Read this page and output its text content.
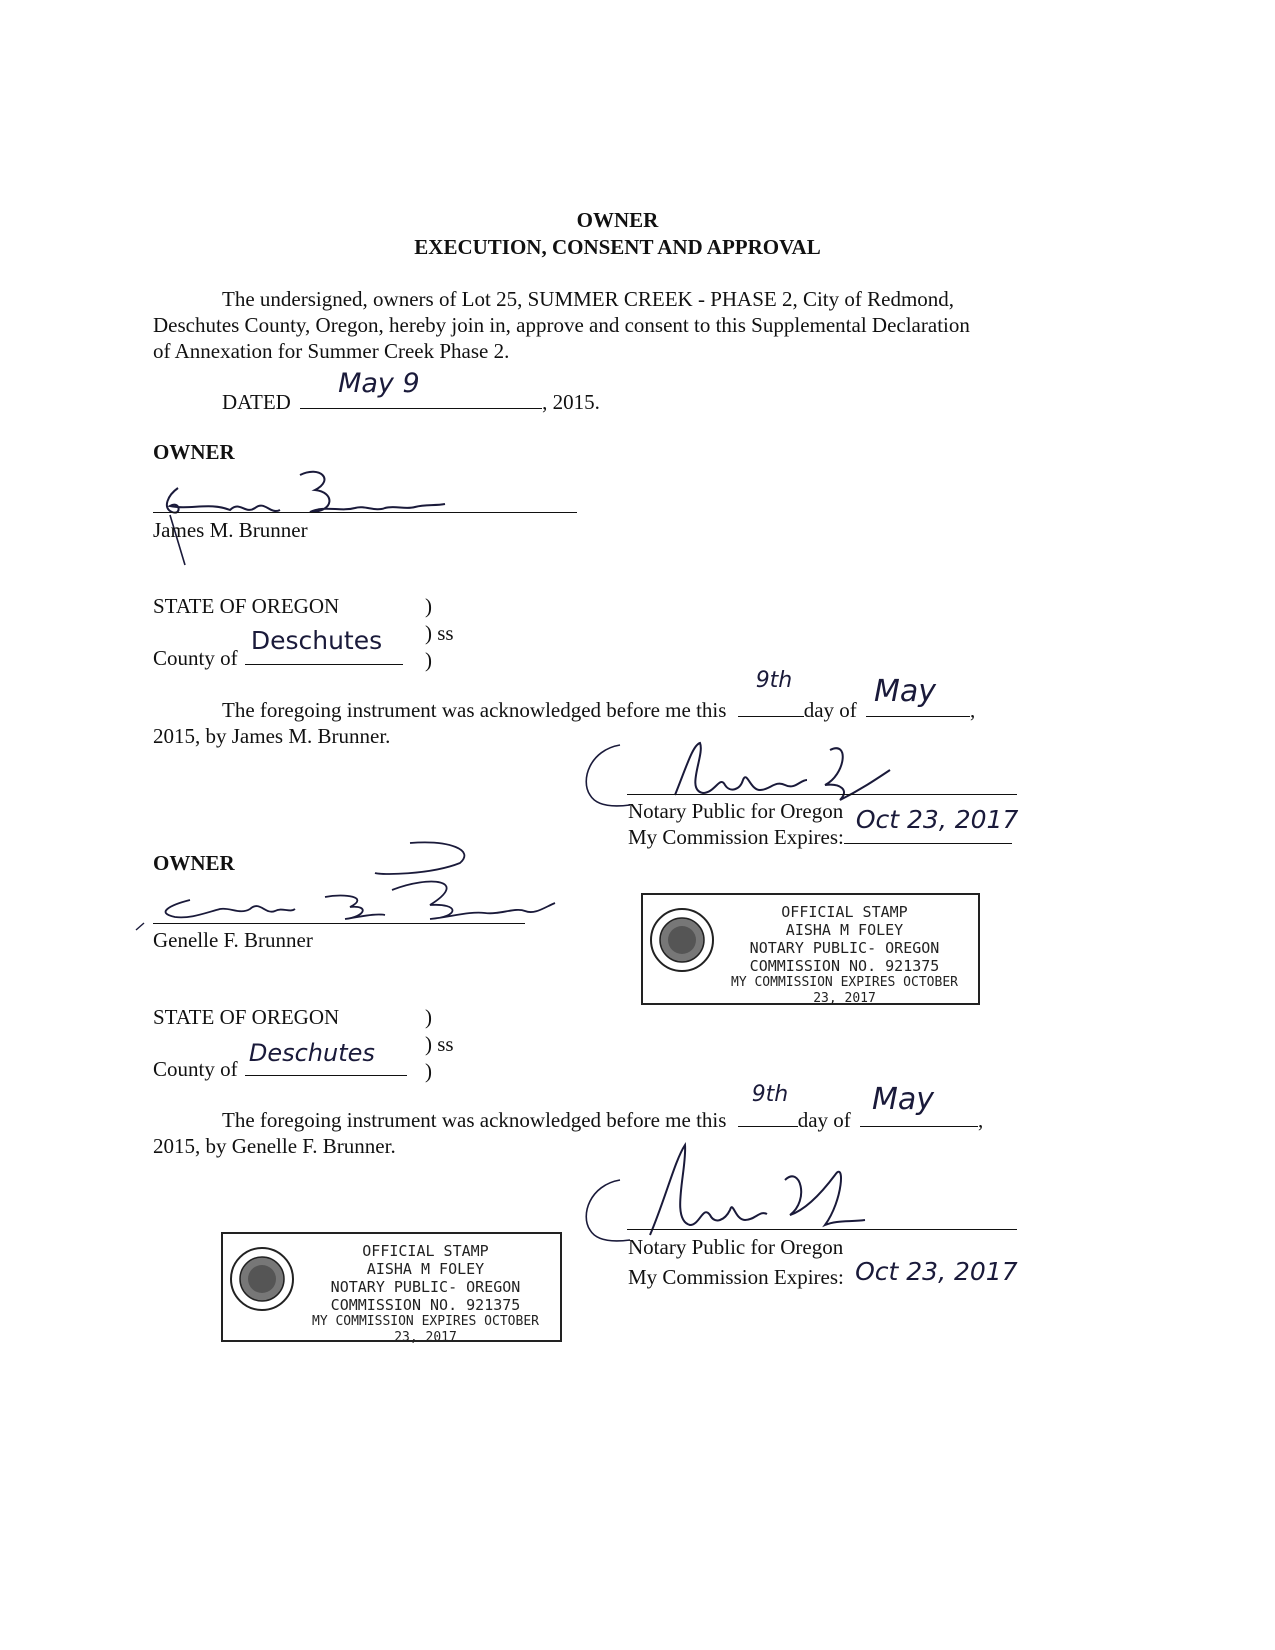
OWNER
EXECUTION, CONSENT AND APPROVAL
The undersigned, owners of Lot 25, SUMMER CREEK - PHASE 2, City of Redmond,
Deschutes County, Oregon, hereby join in, approve and consent to this Supplemental Declaration
of Annexation for Summer Creek Phase 2.
DATED
May 9
, 2015.
OWNER
James M. Brunner
STATE OF OREGON	)
) ss
County of
Deschutes
)
The foregoing instrument was acknowledged before me this
9th
day of
May
,
2015, by James M. Brunner.
Notary Public for Oregon
My Commission Expires:
Oct 23, 2017
OWNER
Genelle F. Brunner
OFFICIAL STAMP
AISHA M FOLEY
NOTARY PUBLIC- OREGON
COMMISSION NO. 921375
MY COMMISSION EXPIRES OCTOBER 23, 2017
STATE OF OREGON	)
) ss
County of
Deschutes
)
The foregoing instrument was acknowledged before me this
9th
day of
May
,
2015, by Genelle F. Brunner.
Notary Public for Oregon
My Commission Expires: Oct 23, 2017
OFFICIAL STAMP
AISHA M FOLEY
NOTARY PUBLIC- OREGON
COMMISSION NO. 921375
MY COMMISSION EXPIRES OCTOBER 23, 2017
